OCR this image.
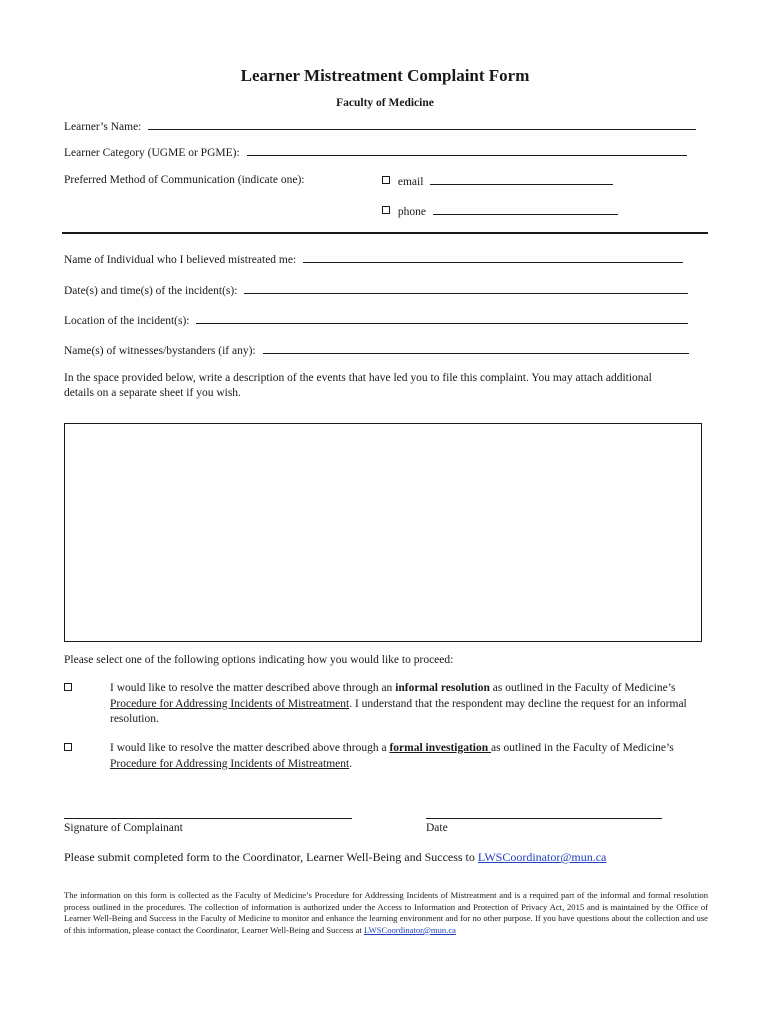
Learner Mistreatment Complaint Form
Faculty of Medicine
Learner’s Name:
Learner Category (UGME or PGME):
Preferred Method of Communication (indicate one):	email
phone
Name of Individual who I believed mistreated me:
Date(s) and time(s) of the incident(s):
Location of the incident(s):
Name(s) of witnesses/bystanders (if any):
In the space provided below, write a description of the events that have led you to file this complaint. You may attach additional details on a separate sheet if you wish.
Please select one of the following options indicating how you would like to proceed:
I would like to resolve the matter described above through an informal resolution as outlined in the Faculty of Medicine’s Procedure for Addressing Incidents of Mistreatment. I understand that the respondent may decline the request for an informal resolution.
I would like to resolve the matter described above through a formal investigation as outlined in the Faculty of Medicine’s Procedure for Addressing Incidents of Mistreatment.
Signature of Complainant	Date
Please submit completed form to the Coordinator, Learner Well-Being and Success to LWSCoordinator@mun.ca
The information on this form is collected as the Faculty of Medicine’s Procedure for Addressing Incidents of Mistreatment and is a required part of the informal and formal resolution process outlined in the procedures. The collection of information is authorized under the Access to Information and Protection of Privacy Act, 2015 and is maintained by the Office of Learner Well-Being and Success in the Faculty of Medicine to monitor and enhance the learning environment and for no other purpose. If you have questions about the collection and use of this information, please contact the Coordinator, Learner Well-Being and Success at LWSCoordinator@mun.ca
